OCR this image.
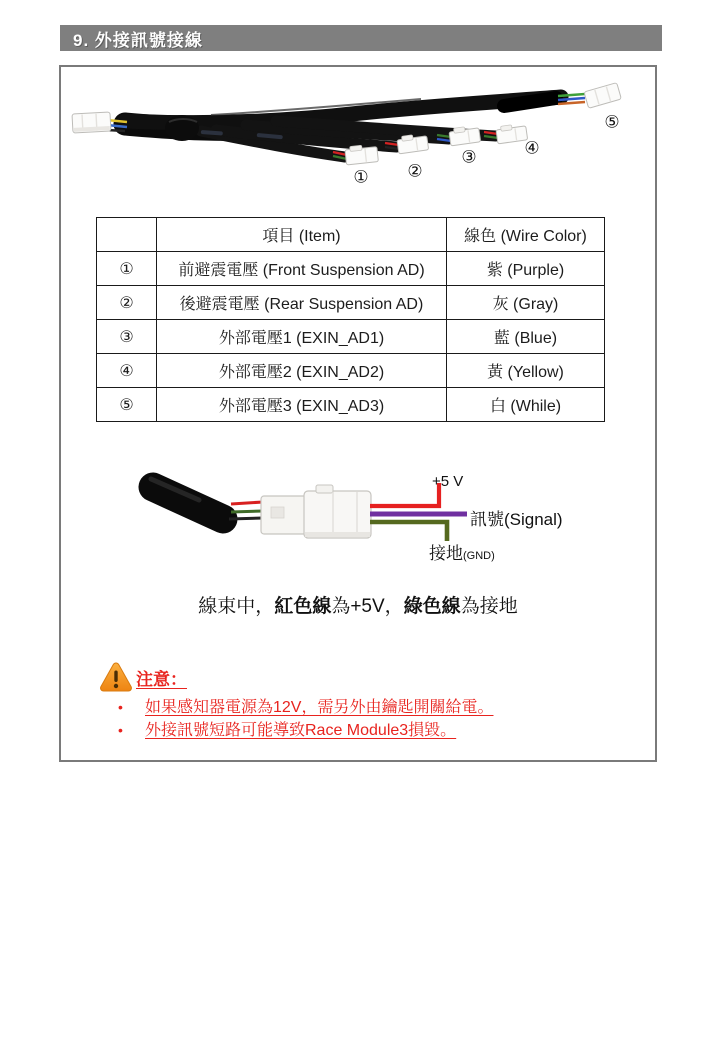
9. 外接訊號接線
① ②
③	④
⑤
	項目 (Item)	線色 (Wire Color)
①	前避震電壓 (Front Suspension AD)	紫 (Purple)
②	後避震電壓 (Rear Suspension AD)	灰 (Gray)
③	外部電壓1 (EXIN_AD1)	藍 (Blue)
④	外部電壓2 (EXIN_AD2)	黃 (Yellow)
⑤	外部電壓3 (EXIN_AD3)	白 (While)
+5 V
訊號(Signal)
接地(GND)
線束中，紅色線為+5V，綠色線為接地
注意：
•	如果感知器電源為12V，需另外由鑰匙開關給電。
•	外接訊號短路可能導致Race Module3損毀。
